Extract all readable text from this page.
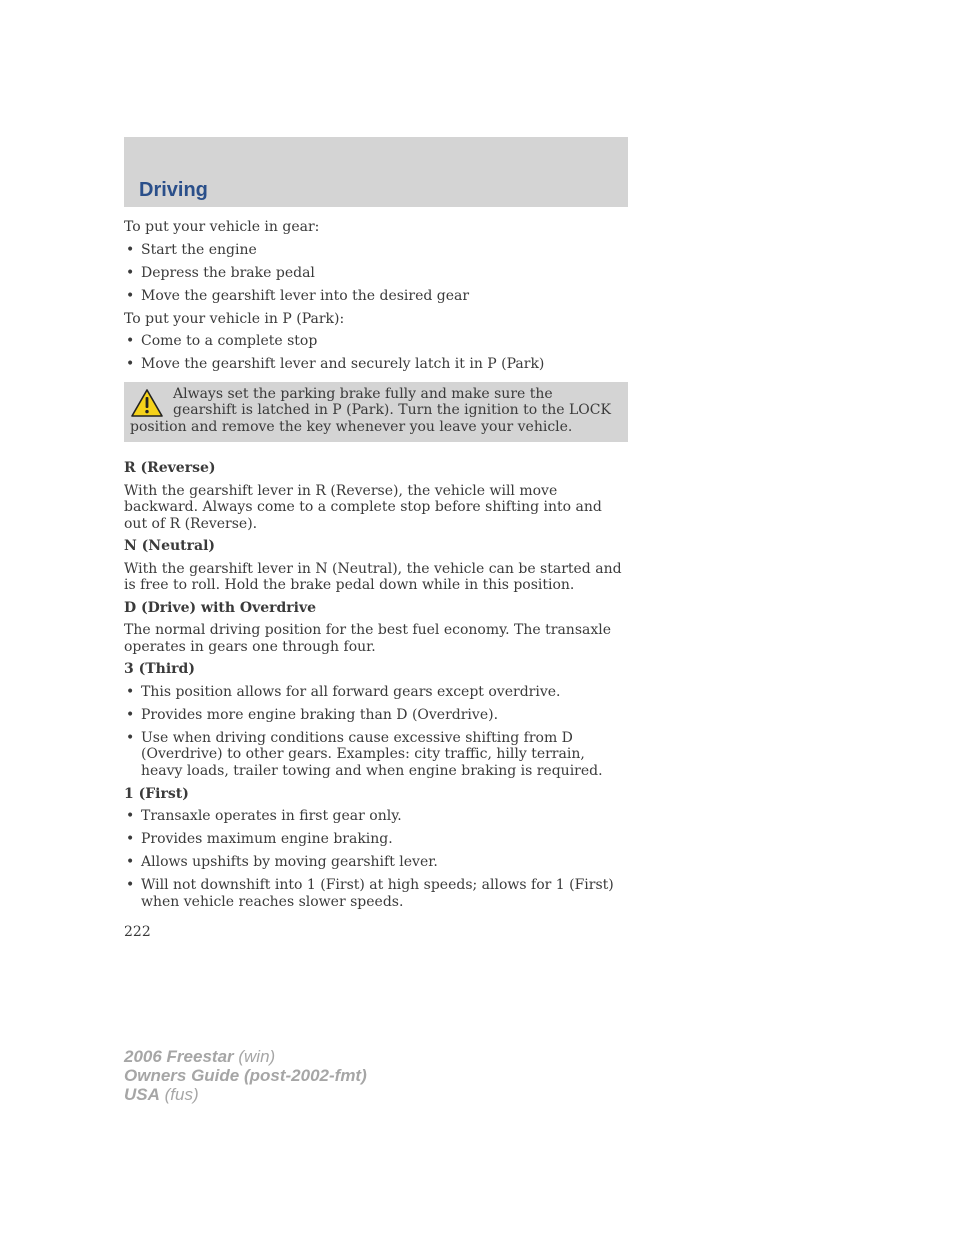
Driving

To put your vehicle in gear:

• Start the engine
• Depress the brake pedal
• Move the gearshift lever into the desired gear

To put your vehicle in P (Park):

• Come to a complete stop
• Move the gearshift lever and securely latch it in P (Park)
Always set the parking brake fully and make sure the gearshift is latched in P (Park). Turn the ignition to the LOCK position and remove the key whenever you leave your vehicle.
R (Reverse)

With the gearshift lever in R (Reverse), the vehicle will move backward. Always come to a complete stop before shifting into and out of R (Reverse).

N (Neutral)

With the gearshift lever in N (Neutral), the vehicle can be started and is free to roll. Hold the brake pedal down while in this position.

D (Drive) with Overdrive

The normal driving position for the best fuel economy. The transaxle operates in gears one through four.

3 (Third)
• This position allows for all forward gears except overdrive.
• Provides more engine braking than D (Overdrive).
• Use when driving conditions cause excessive shifting from D (Overdrive) to other gears. Examples: city traffic, hilly terrain, heavy loads, trailer towing and when engine braking is required.
1 (First)
• Transaxle operates in first gear only.
• Provides maximum engine braking.
• Allows upshifts by moving gearshift lever.
• Will not downshift into 1 (First) at high speeds; allows for 1 (First) when vehicle reaches slower speeds.
222
2006 Freestar (win)
Owners Guide (post-2002-fmt)
USA (fus)
